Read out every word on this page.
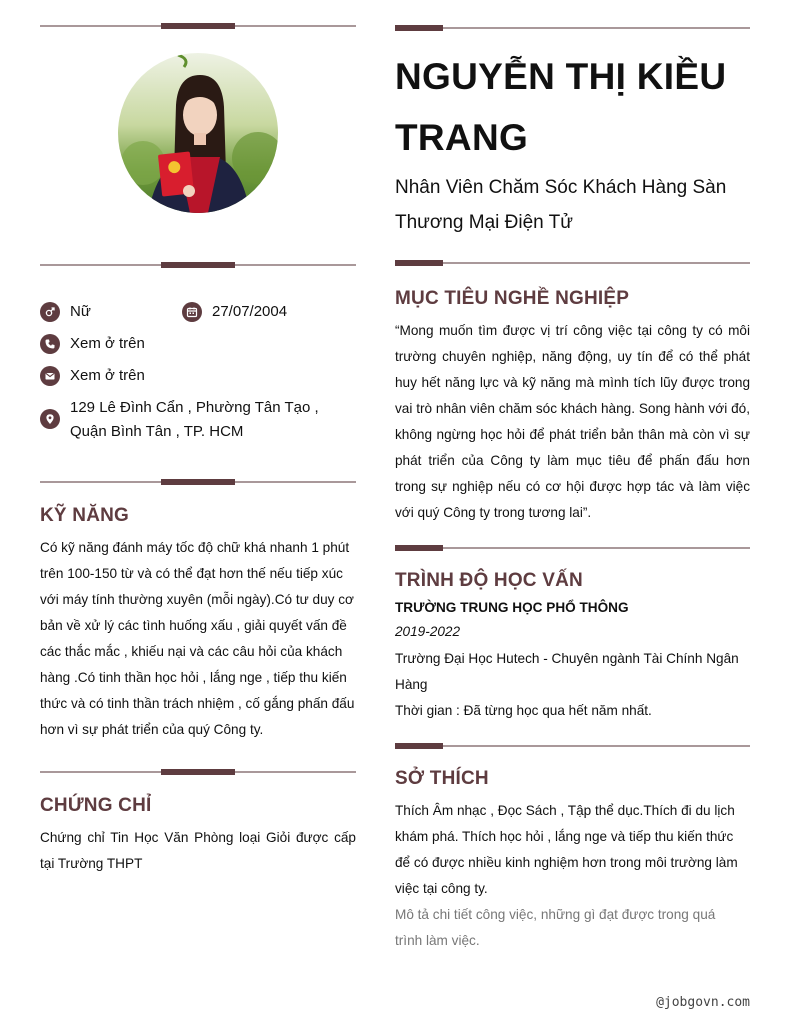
Nữ	27/07/2004
Xem ở trên
Xem ở trên
129 Lê Đình Cẩn , Phường Tân Tạo , Quận Bình Tân , TP. HCM
KỸ NĂNG
Có kỹ năng đánh máy tốc độ chữ khá nhanh 1 phút trên 100-150 từ và có thể đạt hơn thế nếu tiếp xúc với máy tính thường xuyên (mỗi ngày).Có tư duy cơ bản về xử lý các tình huống xấu , giải quyết vấn đề các thắc mắc , khiếu nại và các câu hỏi của khách hàng .Có tinh thần học hỏi , lắng nge , tiếp thu kiến thức và có tinh thần trách nhiệm , cố gắng phấn đấu hơn vì sự phát triển của quý Công ty.
CHỨNG CHỈ
Chứng chỉ Tin Học Văn Phòng loại Giỏi được cấp tại Trường THPT
NGUYỄN THỊ KIỀU TRANG
Nhân Viên Chăm Sóc Khách Hàng Sàn Thương Mại Điện Tử
MỤC TIÊU NGHỀ NGHIỆP
“Mong muốn tìm được vị trí công việc tại công ty có môi trường chuyên nghiệp, năng động, uy tín để có thể phát huy hết năng lực và kỹ năng mà mình tích lũy được trong vai trò nhân viên chăm sóc khách hàng. Song hành với đó, không ngừng học hỏi để phát triển bản thân mà còn vì sự phát triển của Công ty làm mục tiêu để phấn đấu hơn trong sự nghiệp nếu có cơ hội được hợp tác và làm việc với quý Công ty trong tương lai”.
TRÌNH ĐỘ HỌC VẤN
TRƯỜNG TRUNG HỌC PHỔ THÔNG
2019-2022
Trường Đại Học Hutech - Chuyên ngành Tài Chính Ngân Hàng
Thời gian : Đã từng học qua hết năm nhất.
SỞ THÍCH
Thích Âm nhạc , Đọc Sách , Tập thể dục.Thích đi du lịch khám phá. Thích học hỏi , lắng nge và tiếp thu kiến thức để có được nhiều kinh nghiệm hơn trong môi trường làm việc tại công ty.
Mô tả chi tiết công việc, những gì đạt được trong quá trình làm việc.
@jobgovn.com
